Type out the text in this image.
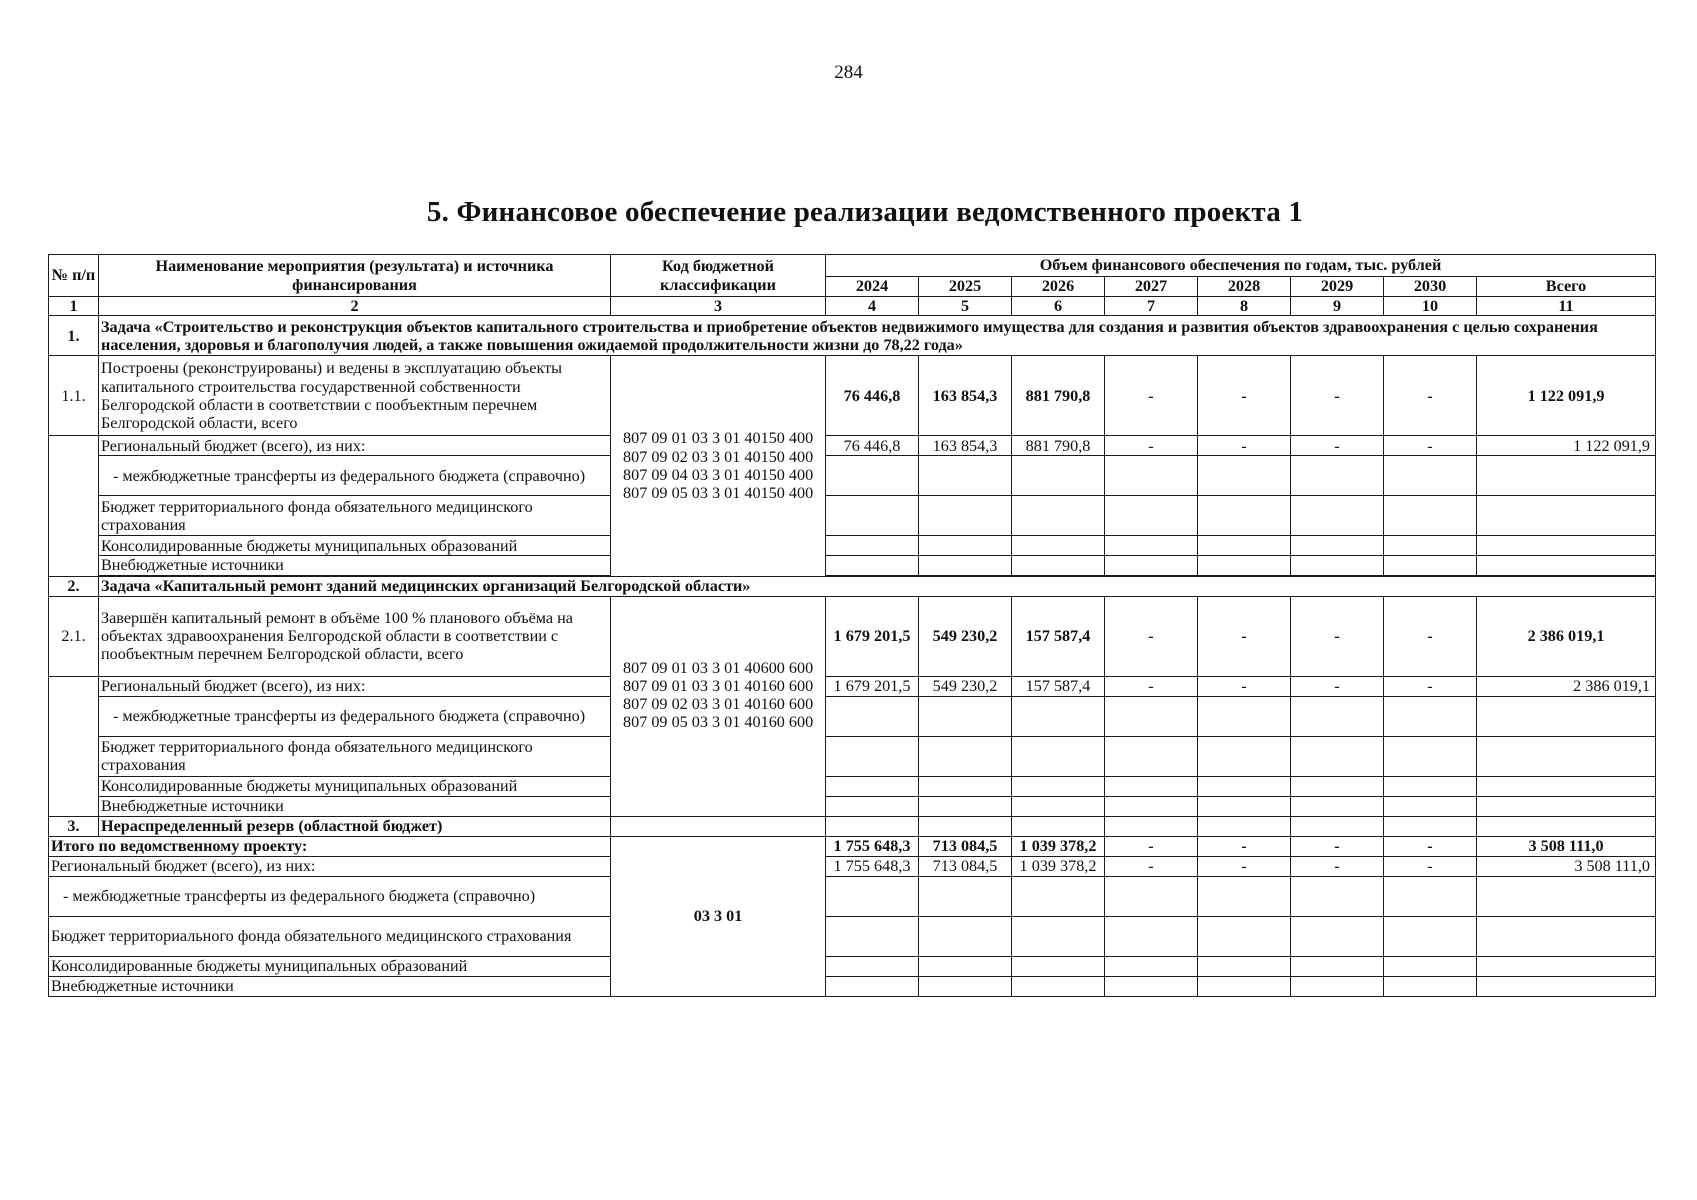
284
5. Финансовое обеспечение реализации ведомственного проекта 1
№ п/п	Наименование мероприятия (результата) и источника финансирования	Код бюджетной классификации	Объем финансового обеспечения по годам, тыс. рублей							
			2024	2025	2026	2027	2028	2029	2030	Всего
1	2	3	4	5	6	7	8	9	10	11
1.	Задача «Строительство и реконструкция объектов капитального строительства и приобретение объектов недвижимого имущества для создания и развития объектов здравоохранения с целью сохранения населения, здоровья и благополучия людей, а также повышения ожидаемой продолжительности жизни до 78,22 года»									
1.1.	Построены (реконструированы) и ведены в эксплуатацию объекты капитального строительства государственной собственности Белгородской области в соответствии с пообъектным перечнем Белгородской области, всего	807 09 01 03 3 01 40150 400 807 09 02 03 3 01 40150 400 807 09 04 03 3 01 40150 400 807 09 05 03 3 01 40150 400	76 446,8	163 854,3	881 790,8	-	-	-	-	1 122 091,9
	Региональный бюджет (всего), из них:		76 446,8	163 854,3	881 790,8	-	-	-	-	1 122 091,9
	- межбюджетные трансферты из федерального бюджета (справочно)									
	Бюджет территориального фонда обязательного медицинского страхования									
	Консолидированные бюджеты муниципальных образований									
	Внебюджетные источники									

2.	Задача «Капитальный ремонт зданий медицинских организаций Белгородской области»									
2.1.	Завершён капитальный ремонт в объёме 100 % планового объёма на объектах здравоохранения Белгородской области в соответствии с пообъектным перечнем Белгородской области, всего	807 09 01 03 3 01 40600 600 807 09 01 03 3 01 40160 600 807 09 02 03 3 01 40160 600 807 09 05 03 3 01 40160 600	1 679 201,5	549 230,2	157 587,4	-	-	-	-	2 386 019,1
	Региональный бюджет (всего), из них:		1 679 201,5	549 230,2	157 587,4	-	-	-	-	2 386 019,1
	- межбюджетные трансферты из федерального бюджета (справочно)									
	Бюджет территориального фонда обязательного медицинского страхования									
	Консолидированные бюджеты муниципальных образований									
	Внебюджетные источники									
3.	Нераспределенный резерв (областной бюджет)									
Итого по ведомственному проекту:		03 3 01	1 755 648,3	713 084,5	1 039 378,2	-	-	-	-	3 508 111,0
Региональный бюджет (всего), из них:			1 755 648,3	713 084,5	1 039 378,2	-	-	-	-	3 508 111,0
- межбюджетные трансферты из федерального бюджета (справочно)										
Бюджет территориального фонда обязательного медицинского страхования										
Консолидированные бюджеты муниципальных образований										
Внебюджетные источники										
